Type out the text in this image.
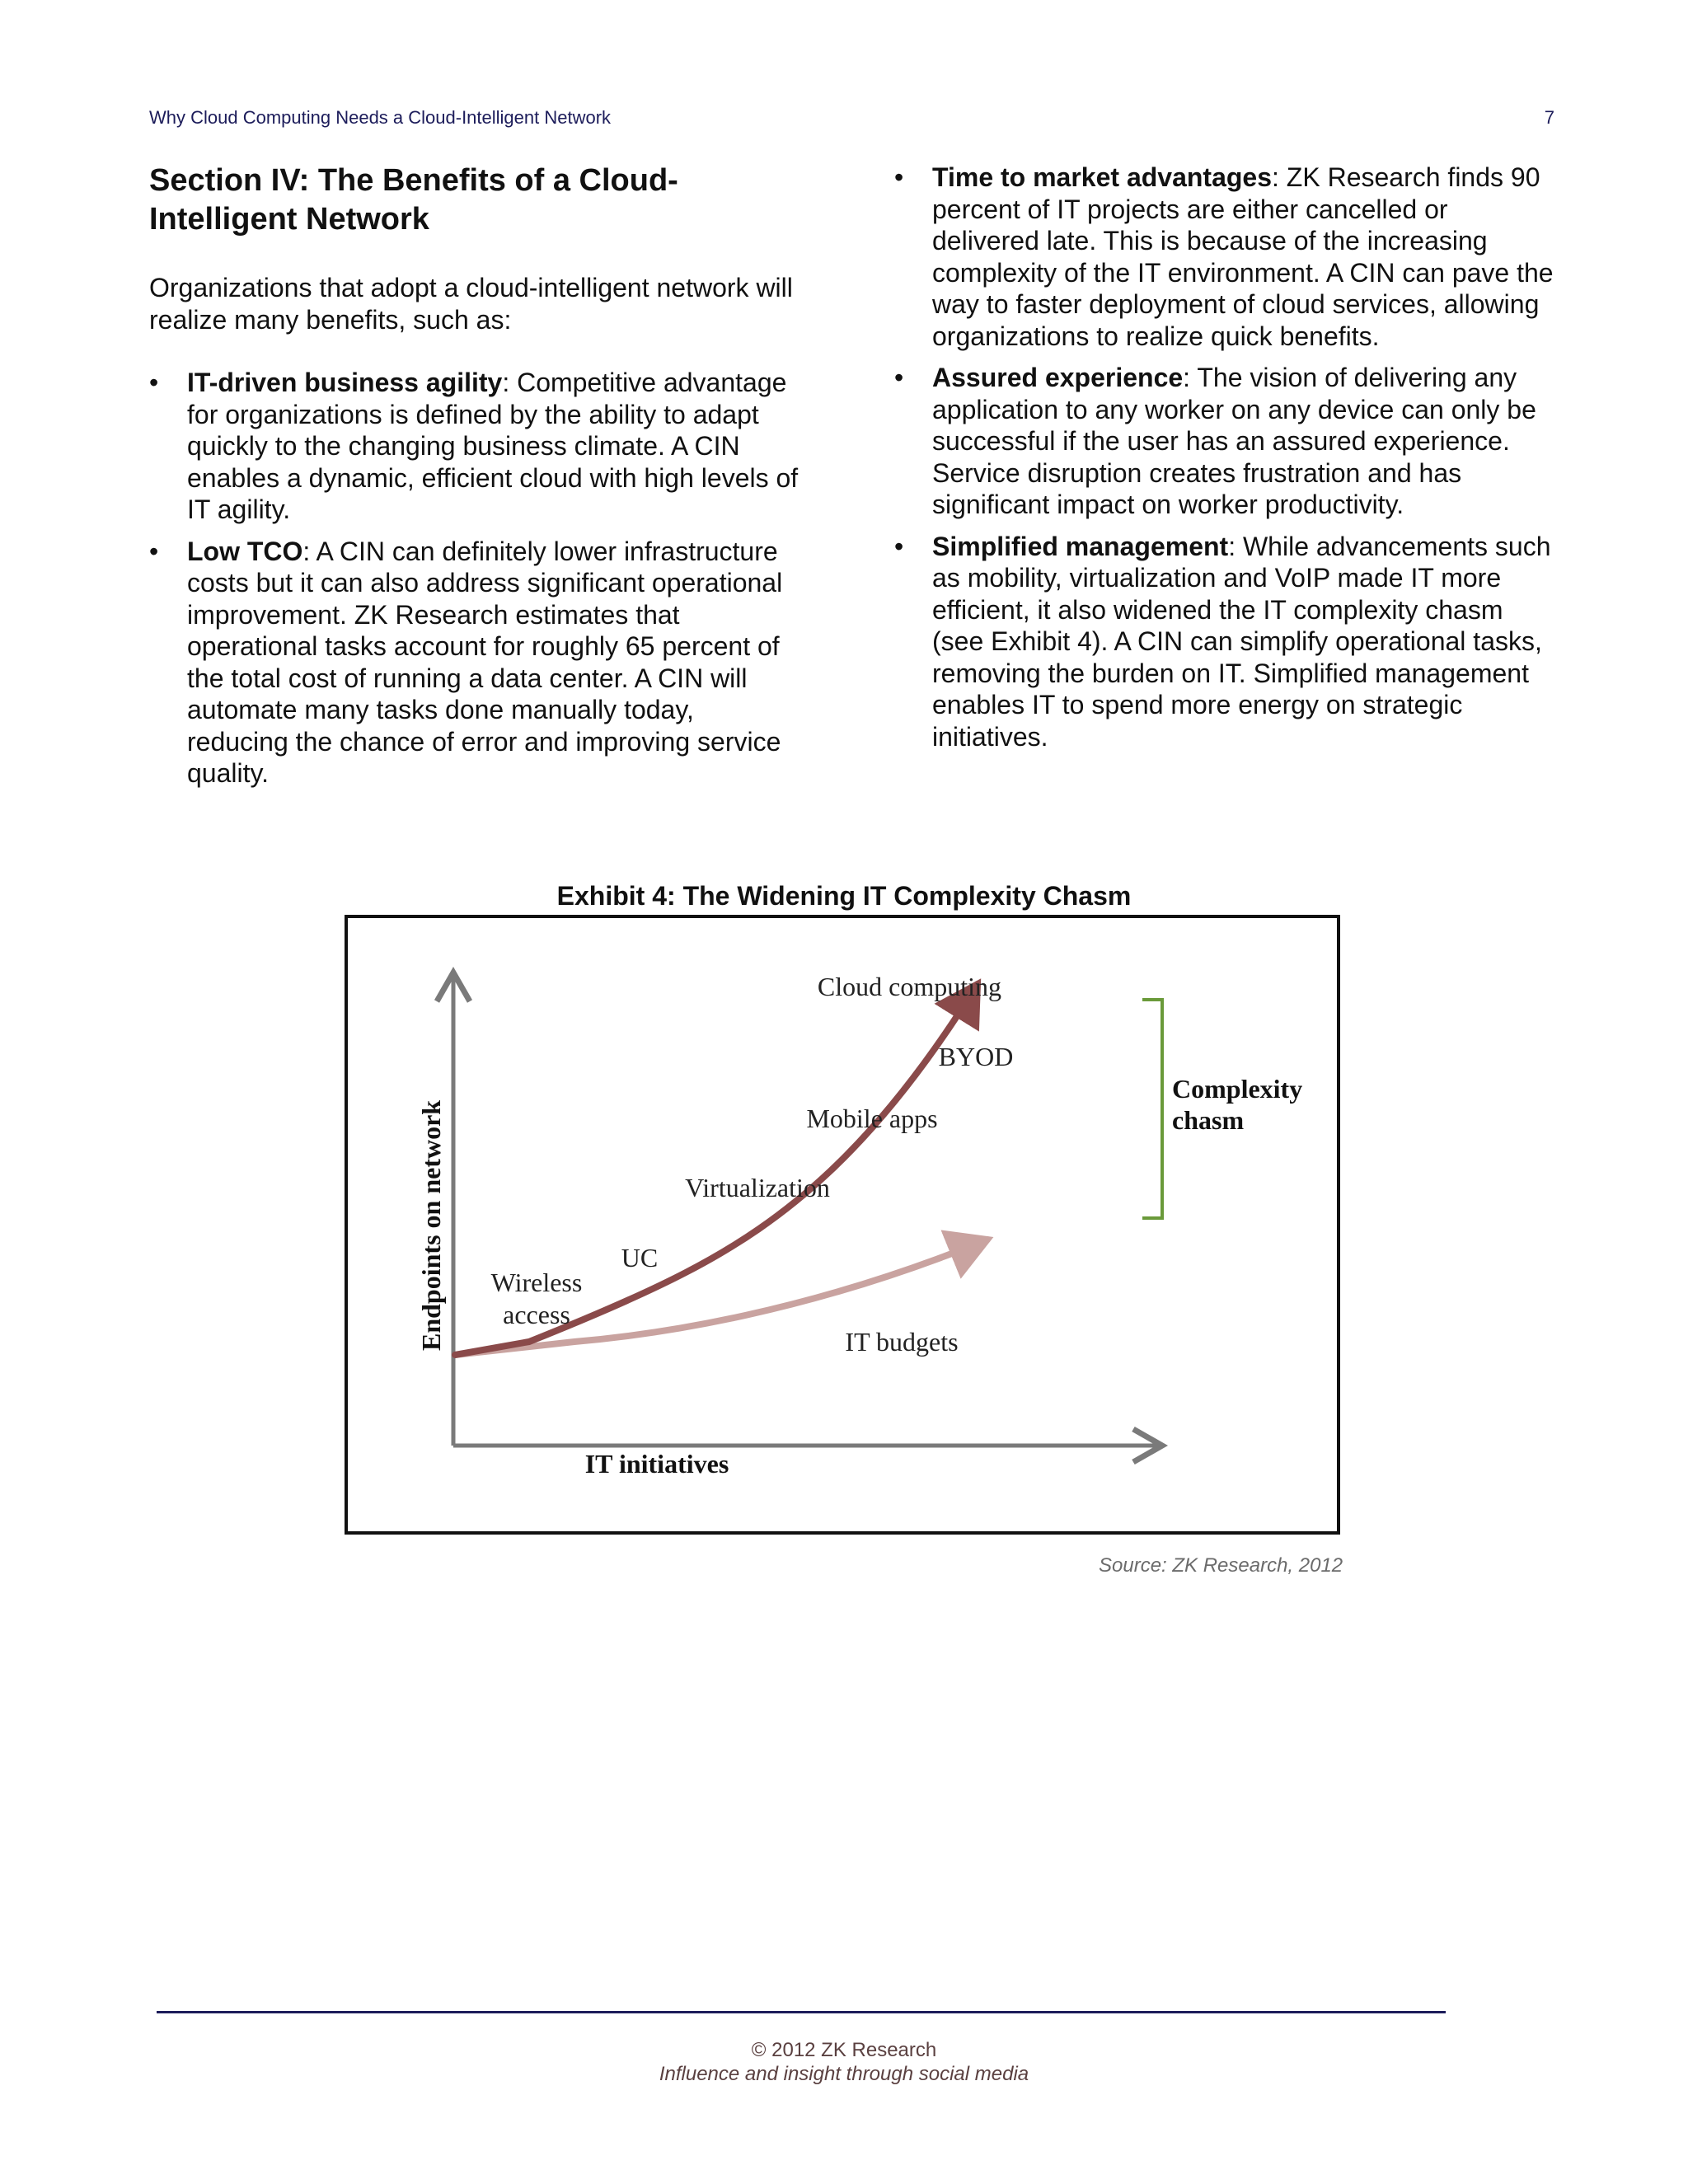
Why Cloud Computing Needs a Cloud-Intelligent Network	7
Section IV: The Benefits of a Cloud-Intelligent Network

Organizations that adopt a cloud-intelligent network will realize many benefits, such as:

• IT-driven business agility: Competitive advantage for organizations is defined by the ability to adapt quickly to the changing business climate. A CIN enables a dynamic, efficient cloud with high levels of IT agility.
• Low TCO: A CIN can definitely lower infrastructure costs but it can also address significant operational improvement. ZK Research estimates that operational tasks account for roughly 65 percent of the total cost of running a data center. A CIN will automate many tasks done manually today, reducing the chance of error and improving service quality.
• Time to market advantages: ZK Research finds 90 percent of IT projects are either cancelled or delivered late. This is because of the increasing complexity of the IT environment. A CIN can pave the way to faster deployment of cloud services, allowing organizations to realize quick benefits.
• Assured experience: The vision of delivering any application to any worker on any device can only be successful if the user has an assured experience. Service disruption creates frustration and has significant impact on worker productivity.
• Simplified management: While advancements such as mobility, virtualization and VoIP made IT more efficient, it also widened the IT complexity chasm (see Exhibit 4). A CIN can simplify operational tasks, removing the burden on IT. Simplified management enables IT to spend more energy on strategic initiatives.
Exhibit 4: The Widening IT Complexity Chasm
Endpoints on network
IT initiatives
Wireless
access
UC
Virtualization
Mobile apps
BYOD
Cloud computing
IT budgets
Complexity
chasm
Source: ZK Research, 2012
© 2012 ZK Research
Influence and insight through social media
